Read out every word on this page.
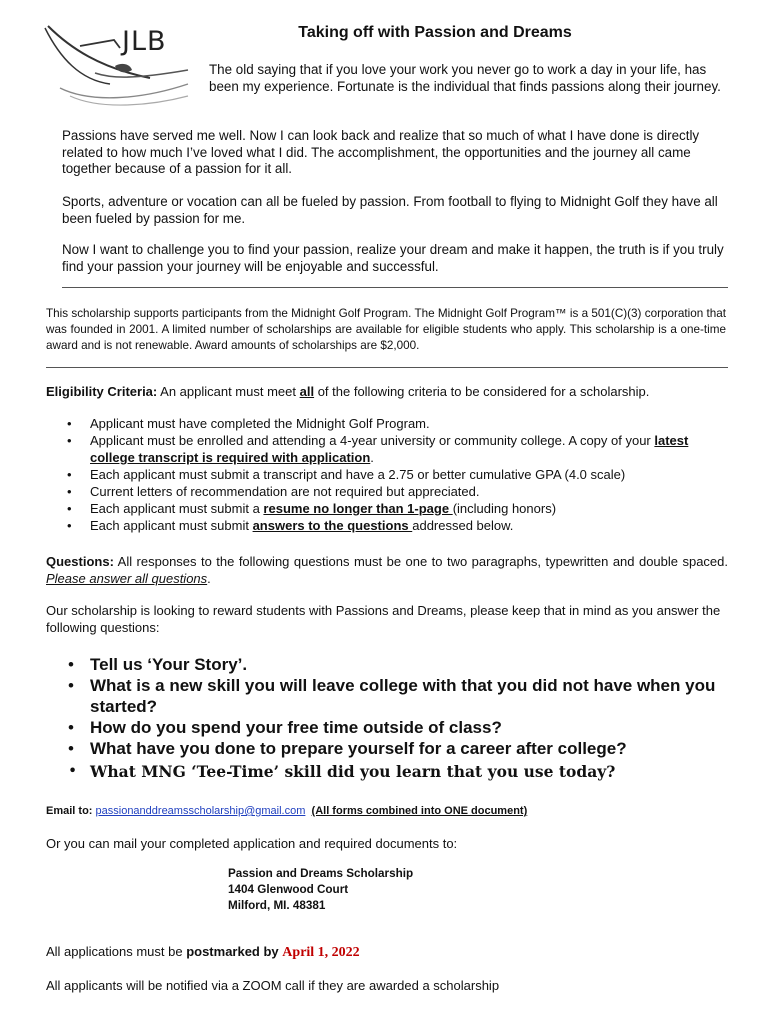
JLB	Taking off with Passion and Dreams
The old saying that if you love your work you never go to work a day in your life, has been my experience. Fortunate is the individual that finds passions along their journey.
Passions have served me well. Now I can look back and realize that so much of what I have done is directly related to how much I’ve loved what I did. The accomplishment, the opportunities and the journey all came together because of a passion for it all.
Sports, adventure or vocation can all be fueled by passion. From football to flying to Midnight Golf they have all been fueled by passion for me.
Now I want to challenge you to find your passion, realize your dream and make it happen, the truth is if you truly find your passion your journey will be enjoyable and successful.
This scholarship supports participants from the Midnight Golf Program. The Midnight Golf Program™ is a 501(C)(3) corporation that was founded in 2001. A limited number of scholarships are available for eligible students who apply. This scholarship is a one-time award and is not renewable. Award amounts of scholarships are $2,000.
Eligibility Criteria: An applicant must meet all of the following criteria to be considered for a scholarship.
• Applicant must have completed the Midnight Golf Program.
• Applicant must be enrolled and attending a 4-year university or community college. A copy of your latest college transcript is required with application.
• Each applicant must submit a transcript and have a 2.75 or better cumulative GPA (4.0 scale)
• Current letters of recommendation are not required but appreciated.
• Each applicant must submit a resume no longer than 1-page (including honors)
• Each applicant must submit answers to the questions addressed below.
Questions: All responses to the following questions must be one to two paragraphs, typewritten and double spaced. Please answer all questions.
Our scholarship is looking to reward students with Passions and Dreams, please keep that in mind as you answer the following questions:
• Tell us ‘Your Story’.
• What is a new skill you will leave college with that you did not have when you started?
• How do you spend your free time outside of class?
• What have you done to prepare yourself for a career after college?
• What MNG ‘Tee-Time’ skill did you learn that you use today?
Email to: passionanddreamsscholarship@gmail.com (All forms combined into ONE document)
Or you can mail your completed application and required documents to:
Passion and Dreams Scholarship
1404 Glenwood Court
Milford, MI. 48381
All applications must be postmarked by April 1, 2022
All applicants will be notified via a ZOOM call if they are awarded a scholarship
